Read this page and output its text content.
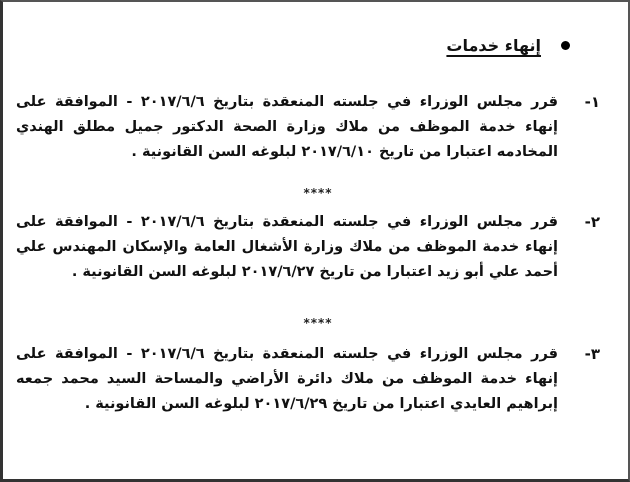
إنهاء خدمات
١-
قرر مجلس الوزراء في جلسته المنعقدة بتاريخ ٢٠١٧/٦/٦ - الموافقة على إنهاء خدمة الموظف من ملاك وزارة الصحة الدكتور جميل مطلق الهندي المخادمه اعتبارا من تاريخ ٢٠١٧/٦/١٠ لبلوغه السن القانونية .
****
٢-
قرر مجلس الوزراء في جلسته المنعقدة بتاريخ ٢٠١٧/٦/٦ - الموافقة على إنهاء خدمة الموظف من ملاك وزارة الأشغال العامة والإسكان المهندس علي أحمد علي أبو زيد اعتبارا من تاريخ ٢٠١٧/٦/٢٧ لبلوغه السن القانونية .
****
٣-
قرر مجلس الوزراء في جلسته المنعقدة بتاريخ ٢٠١٧/٦/٦ - الموافقة على إنهاء خدمة الموظف من ملاك دائرة الأراضي والمساحة السيد محمد جمعه إبراهيم العايدي اعتبارا من تاريخ ٢٠١٧/٦/٢٩ لبلوغه السن القانونية .
